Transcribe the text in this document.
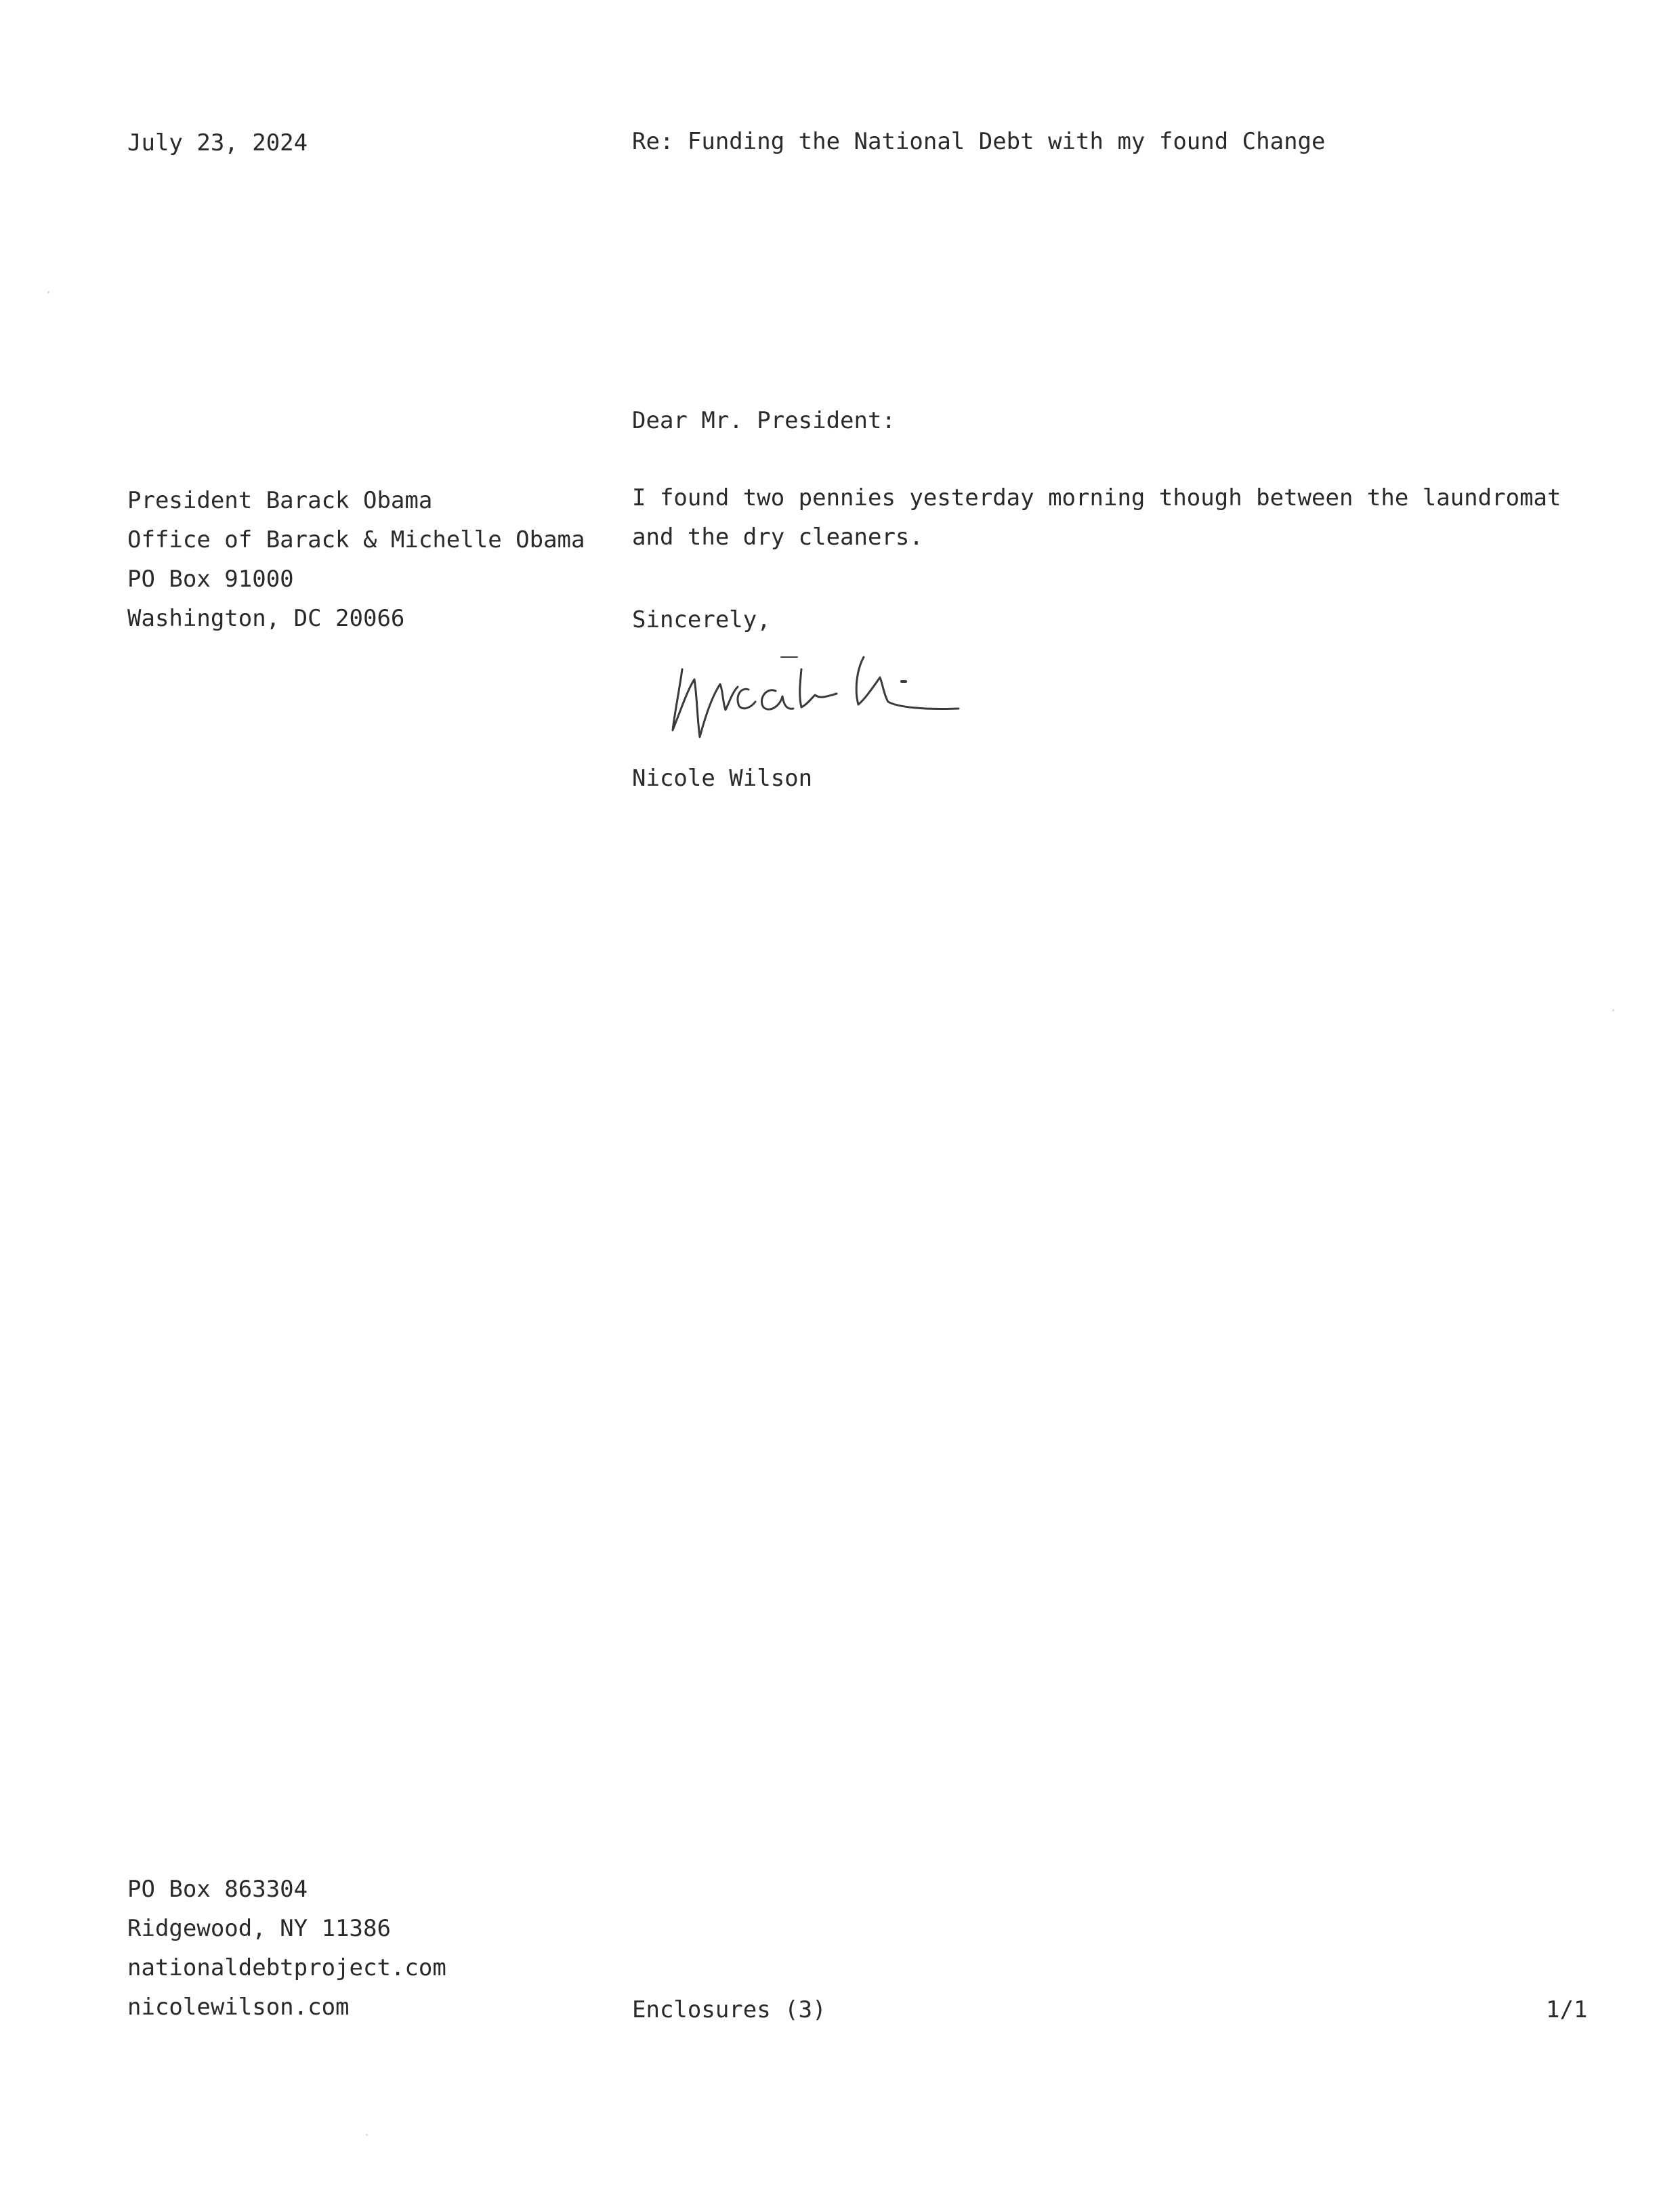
July 23, 2024	Re: Funding the National Debt with my found Change
Dear Mr. President:
President Barack Obama
Office of Barack & Michelle Obama
PO Box 91000
Washington, DC 20066
I found two pennies yesterday morning though between the laundromat
and the dry cleaners.
Sincerely,
Nicole Wilson
PO Box 863304
Ridgewood, NY 11386
nationaldebtproject.com
nicolewilson.com	Enclosures (3)	1/1
